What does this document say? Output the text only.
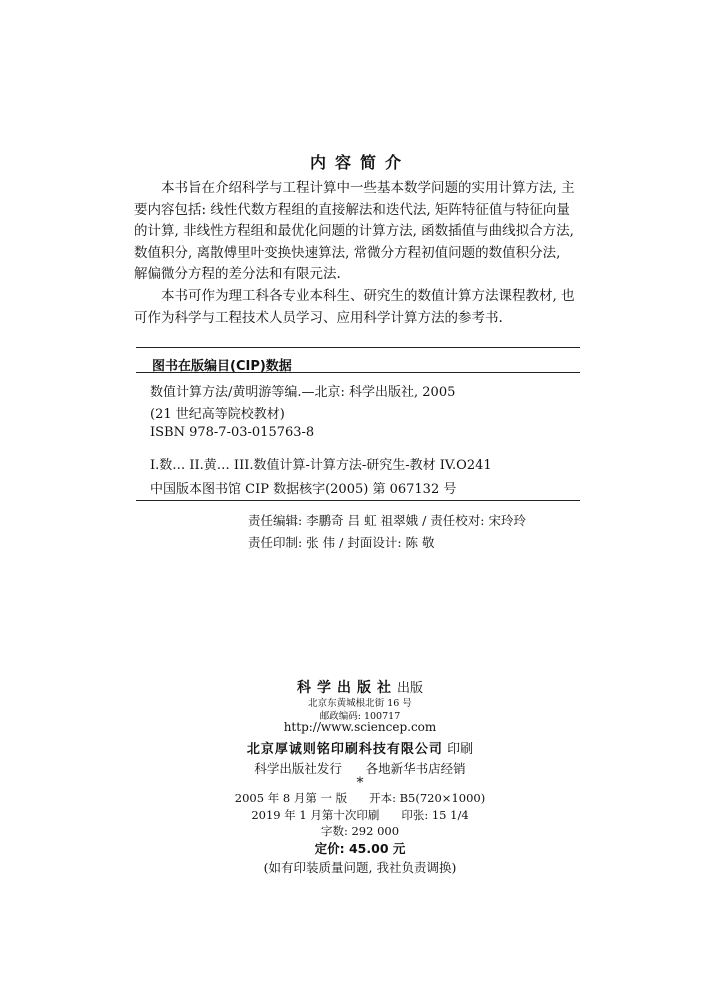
内容简介
本书旨在介绍科学与工程计算中一些基本数学问题的实用计算方法, 主
要内容包括: 线性代数方程组的直接解法和迭代法, 矩阵特征值与特征向量
的计算, 非线性方程组和最优化问题的计算方法, 函数插值与曲线拟合方法,
数值积分, 离散傅里叶变换快速算法, 常微分方程初值问题的数值积分法,
解偏微分方程的差分法和有限元法.
本书可作为理工科各专业本科生、研究生的数值计算方法课程教材, 也
可作为科学与工程技术人员学习、应用科学计算方法的参考书.
图书在版编目(CIP)数据
数值计算方法/黄明游等编.—北京: 科学出版社, 2005
(21 世纪高等院校教材)
ISBN 978-7-03-015763-8
I.数… II.黄… III.数值计算-计算方法-研究生-教材 IV.O241
中国版本图书馆 CIP 数据核字(2005) 第 067132 号
责任编辑: 李鹏奇 吕 虹 祖翠娥 / 责任校对: 宋玲玲
责任印制: 张 伟 / 封面设计: 陈 敬
科学出版社出版
北京东黄城根北街 16 号
邮政编码: 100717
http://www.sciencep.com
北京厚诚则铭印刷科技有限公司 印刷
科学出版社发行      各地新华书店经销
*
2005 年 8 月第 一 版      开本: B5(720×1000)
2019 年 1 月第十次印刷      印张: 15 1/4
字数: 292 000
定价: 45.00 元
(如有印装质量问题, 我社负责调换)
